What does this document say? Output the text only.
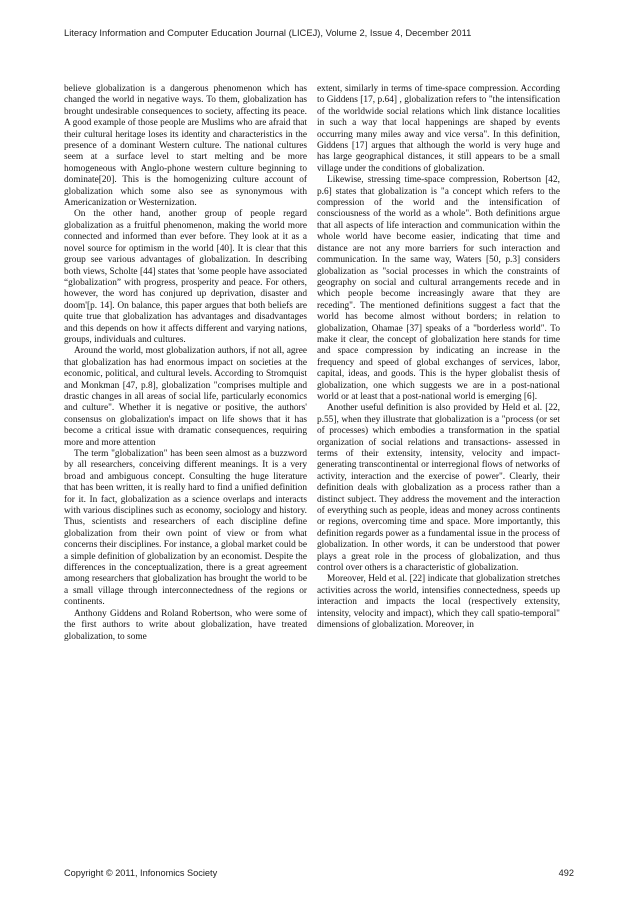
Literacy Information and Computer Education Journal (LICEJ), Volume 2, Issue 4, December 2011

believe globalization is a dangerous phenomenon which has changed the world in negative ways. To them, globalization has brought undesirable consequences to society, affecting its peace. A good example of those people are Muslims who are afraid that their cultural heritage loses its identity and characteristics in the presence of a dominant Western culture. The national cultures seem at a surface level to start melting and be more homogeneous with Anglo-phone western culture beginning to dominate[20]. This is the homogenizing culture account of globalization which some also see as synonymous with Americanization or Westernization.

On the other hand, another group of people regard globalization as a fruitful phenomenon, making the world more connected and informed than ever before. They look at it as a novel source for optimism in the world [40]. It is clear that this group see various advantages of globalization. In describing both views, Scholte [44] states that 'some people have associated “globalization” with progress, prosperity and peace. For others, however, the word has conjured up deprivation, disaster and doom'[p. 14]. On balance, this paper argues that both beliefs are quite true that globalization has advantages and disadvantages and this depends on how it affects different and varying nations, groups, individuals and cultures.

Around the world, most globalization authors, if not all, agree that globalization has had enormous impact on societies at the economic, political, and cultural levels. According to Stromquist and Monkman [47, p.8], globalization "comprises multiple and drastic changes in all areas of social life, particularly economics and culture". Whether it is negative or positive, the authors' consensus on globalization's impact on life shows that it has become a critical issue with dramatic consequences, requiring more and more attention

The term "globalization" has been seen almost as a buzzword by all researchers, conceiving different meanings. It is a very broad and ambiguous concept. Consulting the huge literature that has been written, it is really hard to find a unified definition for it. In fact, globalization as a science overlaps and interacts with various disciplines such as economy, sociology and history. Thus, scientists and researchers of each discipline define globalization from their own point of view or from what concerns their disciplines. For instance, a global market could be a simple definition of globalization by an economist. Despite the differences in the conceptualization, there is a great agreement among researchers that globalization has brought the world to be a small village through interconnectedness of the regions or continents.

Anthony Giddens and Roland Robertson, who were some of the first authors to write about globalization, have treated globalization, to some

extent, similarly in terms of time-space compression. According to Giddens [17, p.64] , globalization refers to "the intensification of the worldwide social relations which link distance localities in such a way that local happenings are shaped by events occurring many miles away and vice versa". In this definition, Giddens [17] argues that although the world is very huge and has large geographical distances, it still appears to be a small village under the conditions of globalization.

Likewise, stressing time-space compression, Robertson [42, p.6] states that globalization is "a concept which refers to the compression of the world and the intensification of consciousness of the world as a whole". Both definitions argue that all aspects of life interaction and communication within the whole world have become easier, indicating that time and distance are not any more barriers for such interaction and communication. In the same way, Waters [50, p.3] considers globalization as "social processes in which the constraints of geography on social and cultural arrangements recede and in which people become increasingly aware that they are receding". The mentioned definitions suggest a fact that the world has become almost without borders; in relation to globalization, Ohamae [37] speaks of a "borderless world". To make it clear, the concept of globalization here stands for time and space compression by indicating an increase in the frequency and speed of global exchanges of services, labor, capital, ideas, and goods. This is the hyper globalist thesis of globalization, one which suggests we are in a post-national world or at least that a post-national world is emerging [6].

Another useful definition is also provided by Held et al. [22, p.55], when they illustrate that globalization is a "process (or set of processes) which embodies a transformation in the spatial organization of social relations and transactions- assessed in terms of their extensity, intensity, velocity and impact- generating transcontinental or interregional flows of networks of activity, interaction and the exercise of power". Clearly, their definition deals with globalization as a process rather than a distinct subject. They address the movement and the interaction of everything such as people, ideas and money across continents or regions, overcoming time and space. More importantly, this definition regards power as a fundamental issue in the process of globalization. In other words, it can be understood that power plays a great role in the process of globalization, and thus control over others is a characteristic of globalization.

Moreover, Held et al. [22] indicate that globalization stretches activities across the world, intensifies connectedness, speeds up interaction and impacts the local (respectively extensity, intensity, velocity and impact), which they call spatio-temporal" dimensions of globalization. Moreover, in

Copyright © 2011, Infonomics Society	492
